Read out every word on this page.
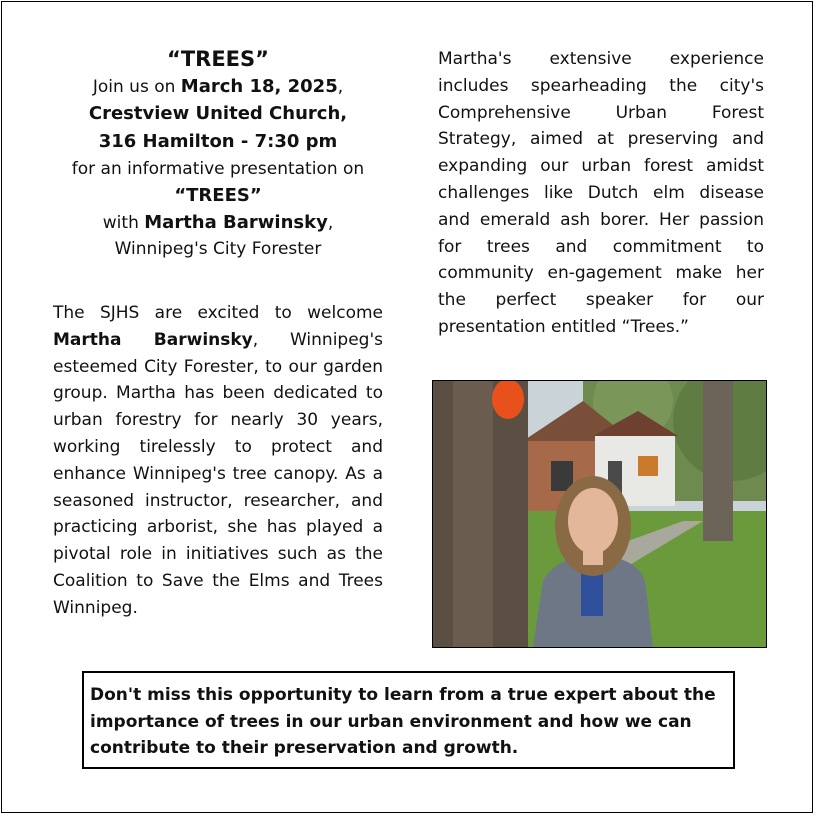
“TREES”

Join us on March 18, 2025,

Crestview United Church,

316 Hamilton - 7:30 pm

for an informative presentation on

“TREES”

with Martha Barwinsky,

Winnipeg's City Forester

The SJHS are excited to welcome Martha Barwinsky, Winnipeg's esteemed City Forester, to our garden group. Martha has been dedicated to urban forestry for nearly 30 years, working tirelessly to protect and enhance Winnipeg's tree canopy. As a seasoned instructor, researcher, and practicing arborist, she has played a pivotal role in initiatives such as the Coalition to Save the Elms and Trees Winnipeg.

Martha's extensive experience includes spearheading the city's Comprehensive Urban Forest Strategy, aimed at preserving and expanding our urban forest amidst challenges like Dutch elm disease and emerald ash borer. Her passion for trees and commitment to community en-gagement make her the perfect speaker for our presentation entitled “Trees.”

Don't miss this opportunity to learn from a true expert about the importance of trees in our urban environment and how we can contribute to their preservation and growth.
